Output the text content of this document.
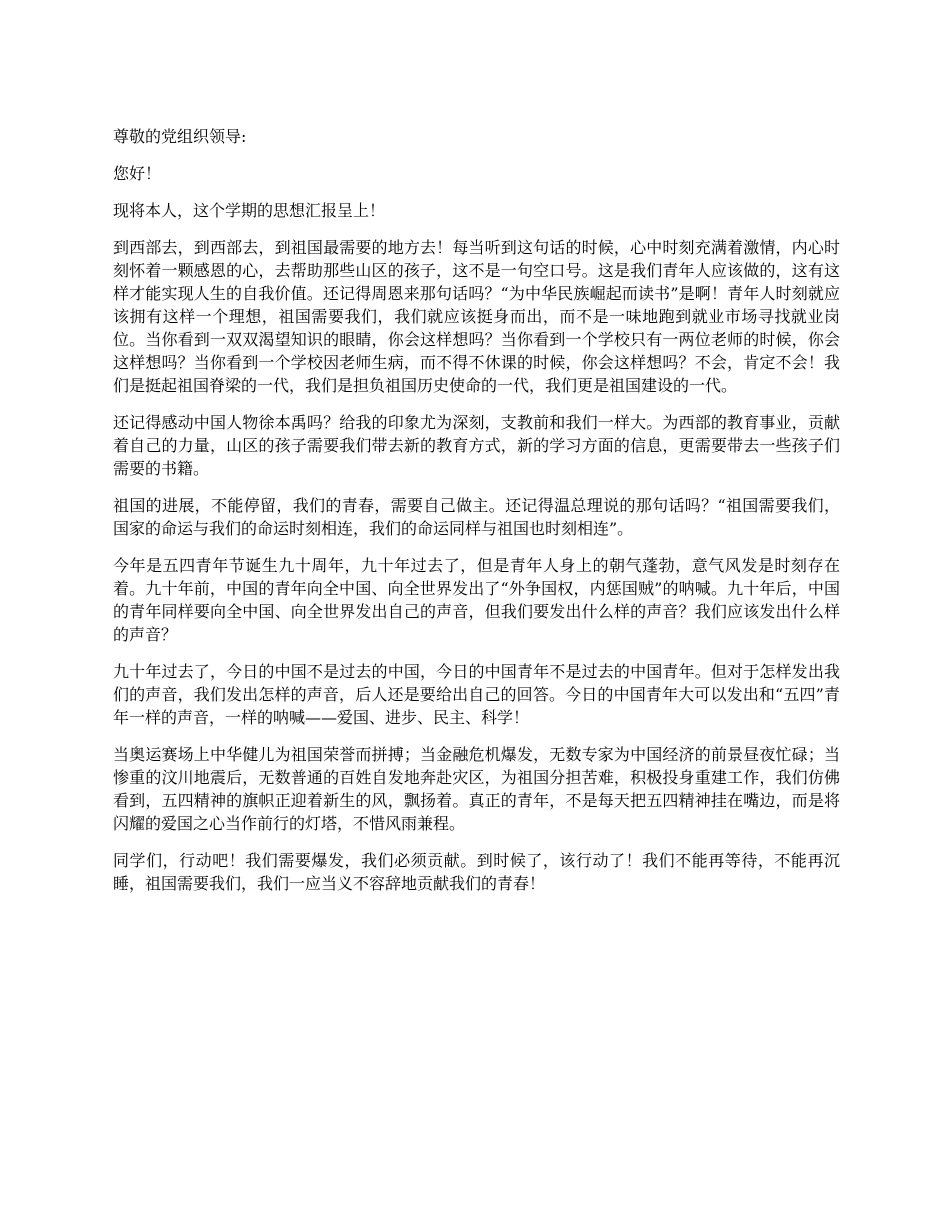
尊敬的党组织领导:

您好！

现将本人，这个学期的思想汇报呈上！

到西部去，到西部去，到祖国最需要的地方去！每当听到这句话的时候，心中时刻充满着激情，内心时刻怀着一颗感恩的心，去帮助那些山区的孩子，这不是一句空口号。这是我们青年人应该做的，这有这样才能实现人生的自我价值。还记得周恩来那句话吗？“为中华民族崛起而读书”是啊！青年人时刻就应该拥有这样一个理想，祖国需要我们，我们就应该挺身而出，而不是一味地跑到就业市场寻找就业岗位。当你看到一双双渴望知识的眼睛，你会这样想吗？当你看到一个学校只有一两位老师的时候，你会这样想吗？当你看到一个学校因老师生病，而不得不休课的时候，你会这样想吗？不会，肯定不会！我们是挺起祖国脊梁的一代，我们是担负祖国历史使命的一代，我们更是祖国建设的一代。

还记得感动中国人物徐本禹吗？给我的印象尤为深刻，支教前和我们一样大。为西部的教育事业，贡献着自己的力量，山区的孩子需要我们带去新的教育方式，新的学习方面的信息，更需要带去一些孩子们需要的书籍。

祖国的进展，不能停留，我们的青春，需要自己做主。还记得温总理说的那句话吗？“祖国需要我们，国家的命运与我们的命运时刻相连，我们的命运同样与祖国也时刻相连”。

今年是五四青年节诞生九十周年，九十年过去了，但是青年人身上的朝气蓬勃，意气风发是时刻存在着。九十年前，中国的青年向全中国、向全世界发出了“外争国权，内惩国贼”的呐喊。九十年后，中国的青年同样要向全中国、向全世界发出自己的声音，但我们要发出什么样的声音？我们应该发出什么样的声音？

九十年过去了，今日的中国不是过去的中国，今日的中国青年不是过去的中国青年。但对于怎样发出我们的声音，我们发出怎样的声音，后人还是要给出自己的回答。今日的中国青年大可以发出和“五四”青年一样的声音，一样的呐喊——爱国、进步、民主、科学！

当奥运赛场上中华健儿为祖国荣誉而拼搏；当金融危机爆发，无数专家为中国经济的前景昼夜忙碌；当惨重的汶川地震后，无数普通的百姓自发地奔赴灾区，为祖国分担苦难，积极投身重建工作，我们仿佛看到，五四精神的旗帜正迎着新生的风，飘扬着。真正的青年，不是每天把五四精神挂在嘴边，而是将闪耀的爱国之心当作前行的灯塔，不惜风雨兼程。

同学们，行动吧！我们需要爆发，我们必须贡献。到时候了，该行动了！我们不能再等待，不能再沉睡，祖国需要我们，我们一应当义不容辞地贡献我们的青春！
